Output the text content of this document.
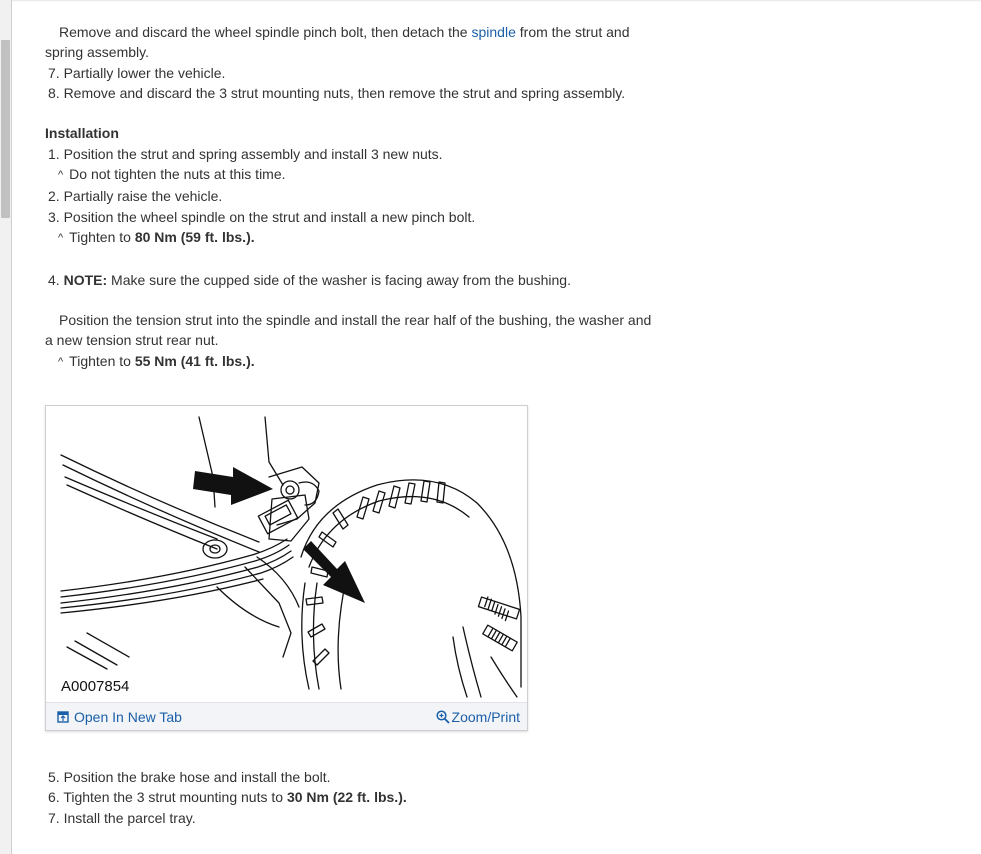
Remove and discard the wheel spindle pinch bolt, then detach the spindle from the strut and
spring assembly.
7. Partially lower the vehicle.
8. Remove and discard the 3 strut mounting nuts, then remove the strut and spring assembly.
Installation
1. Position the strut and spring assembly and install 3 new nuts.
^ Do not tighten the nuts at this time.
2. Partially raise the vehicle.
3. Position the wheel spindle on the strut and install a new pinch bolt.
^ Tighten to 80 Nm (59 ft. lbs.).
4. NOTE: Make sure the cupped side of the washer is facing away from the bushing.
Position the tension strut into the spindle and install the rear half of the bushing, the washer and
a new tension strut rear nut.
^ Tighten to 55 Nm (41 ft. lbs.).
A0007854
Open In New Tab	Zoom/Print
5. Position the brake hose and install the bolt.
6. Tighten the 3 strut mounting nuts to 30 Nm (22 ft. lbs.).
7. Install the parcel tray.
